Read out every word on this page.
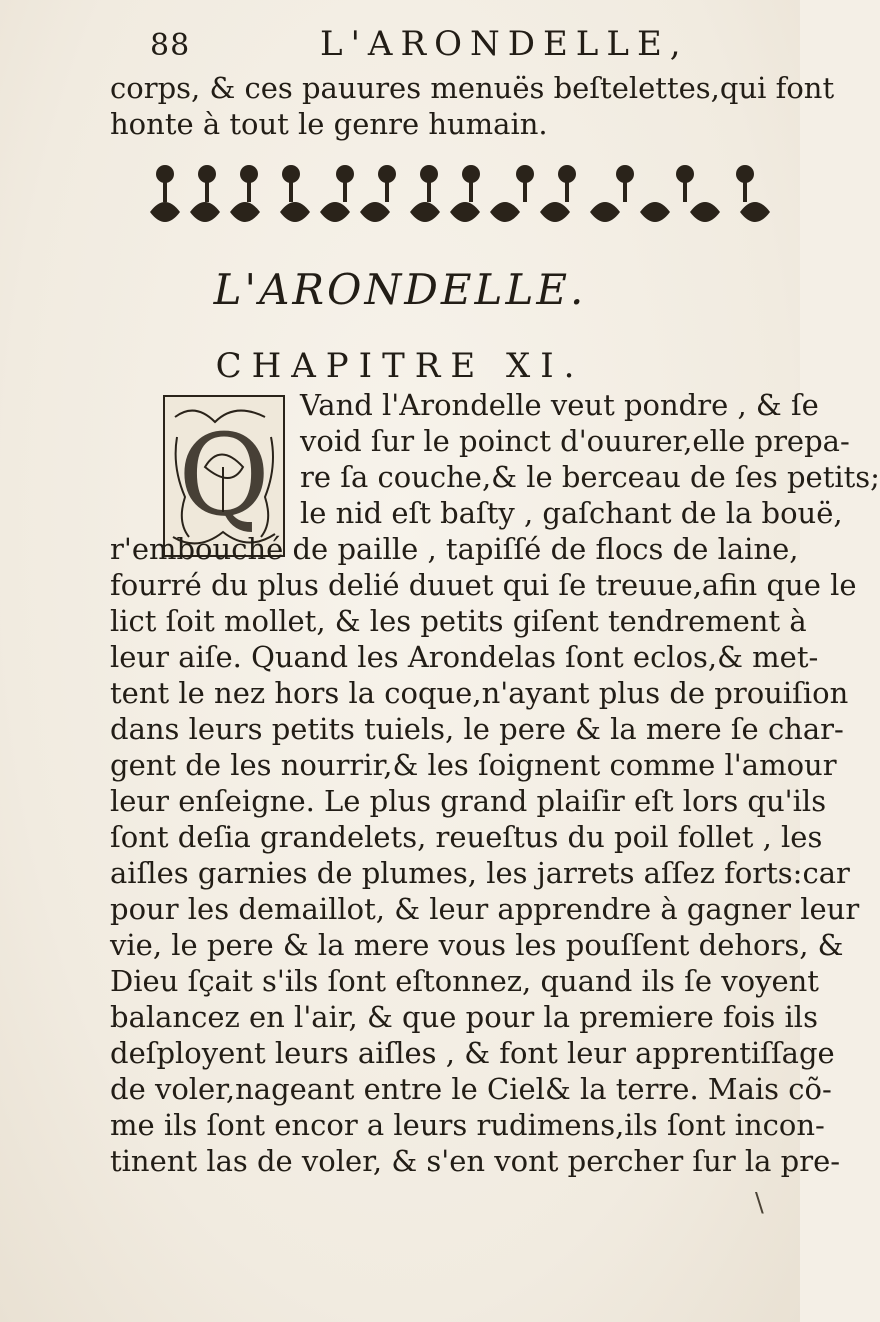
88	L'ARONDELLE,
corps, & ces pauures menuës beſtelettes,qui font
honte à tout le genre humain.
L'ARONDELLE.
CHAPITRE XI.
Q
Vand l'Arondelle veut pondre , & ſe
void ſur le poinct d'ouurer,elle prepa-
re ſa couche,& le berceau de ſes petits;
le nid eſt baſty , gaſchant de la bouë,
r'embouché de paille , tapiſſé de flocs de laine,
fourré du plus delié duuet qui ſe treuue,afin que le
lict ſoit mollet, & les petits giſent tendrement à
leur aiſe. Quand les Arondelas ſont eclos,& met-
tent le nez hors la coque,n'ayant plus de prouiſion
dans leurs petits tuiels, le pere & la mere ſe char-
gent de les nourrir,& les ſoignent comme l'amour
leur enſeigne. Le plus grand plaiſir eſt lors qu'ils
ſont deſia grandelets, reueſtus du poil follet , les
aiſles garnies de plumes, les jarrets aſſez forts:car
pour les demaillot, & leur apprendre à gagner leur
vie, le pere & la mere vous les pouſſent dehors, &
Dieu ſçait s'ils ſont eſtonnez, quand ils ſe voyent
balancez en l'air, & que pour la premiere fois ils
deſployent leurs aiſles , & font leur apprentiſſage
de voler,nageant entre le Ciel& la terre. Mais cõ-
me ils ſont encor a leurs rudimens,ils ſont incon-
tinent las de voler, & s'en vont percher ſur la pre-
\
